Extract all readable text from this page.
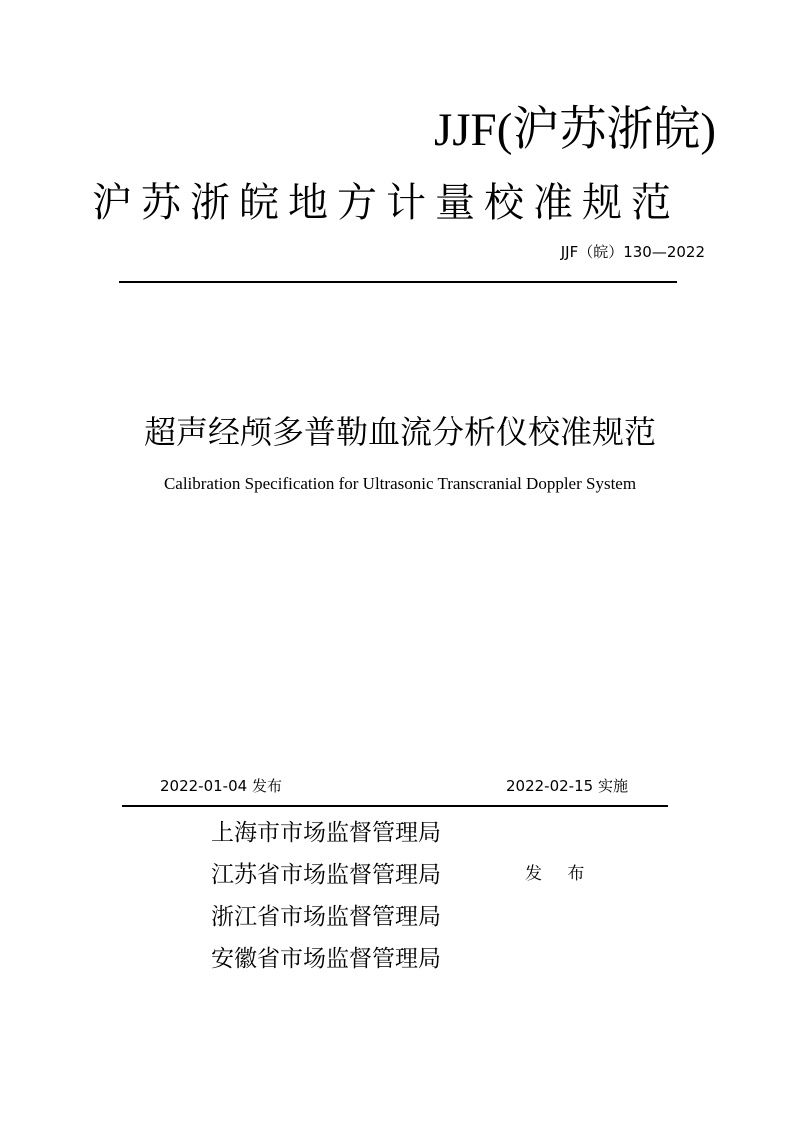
JJF(沪苏浙皖)
沪苏浙皖地方计量校准规范
JJF（皖）130—2022
超声经颅多普勒血流分析仪校准规范
Calibration Specification for Ultrasonic Transcranial Doppler System
2022-01-04 发布	2022-02-15 实施
上海市市场监督管理局
江苏省市场监督管理局
浙江省市场监督管理局
安徽省市场监督管理局
发 布
